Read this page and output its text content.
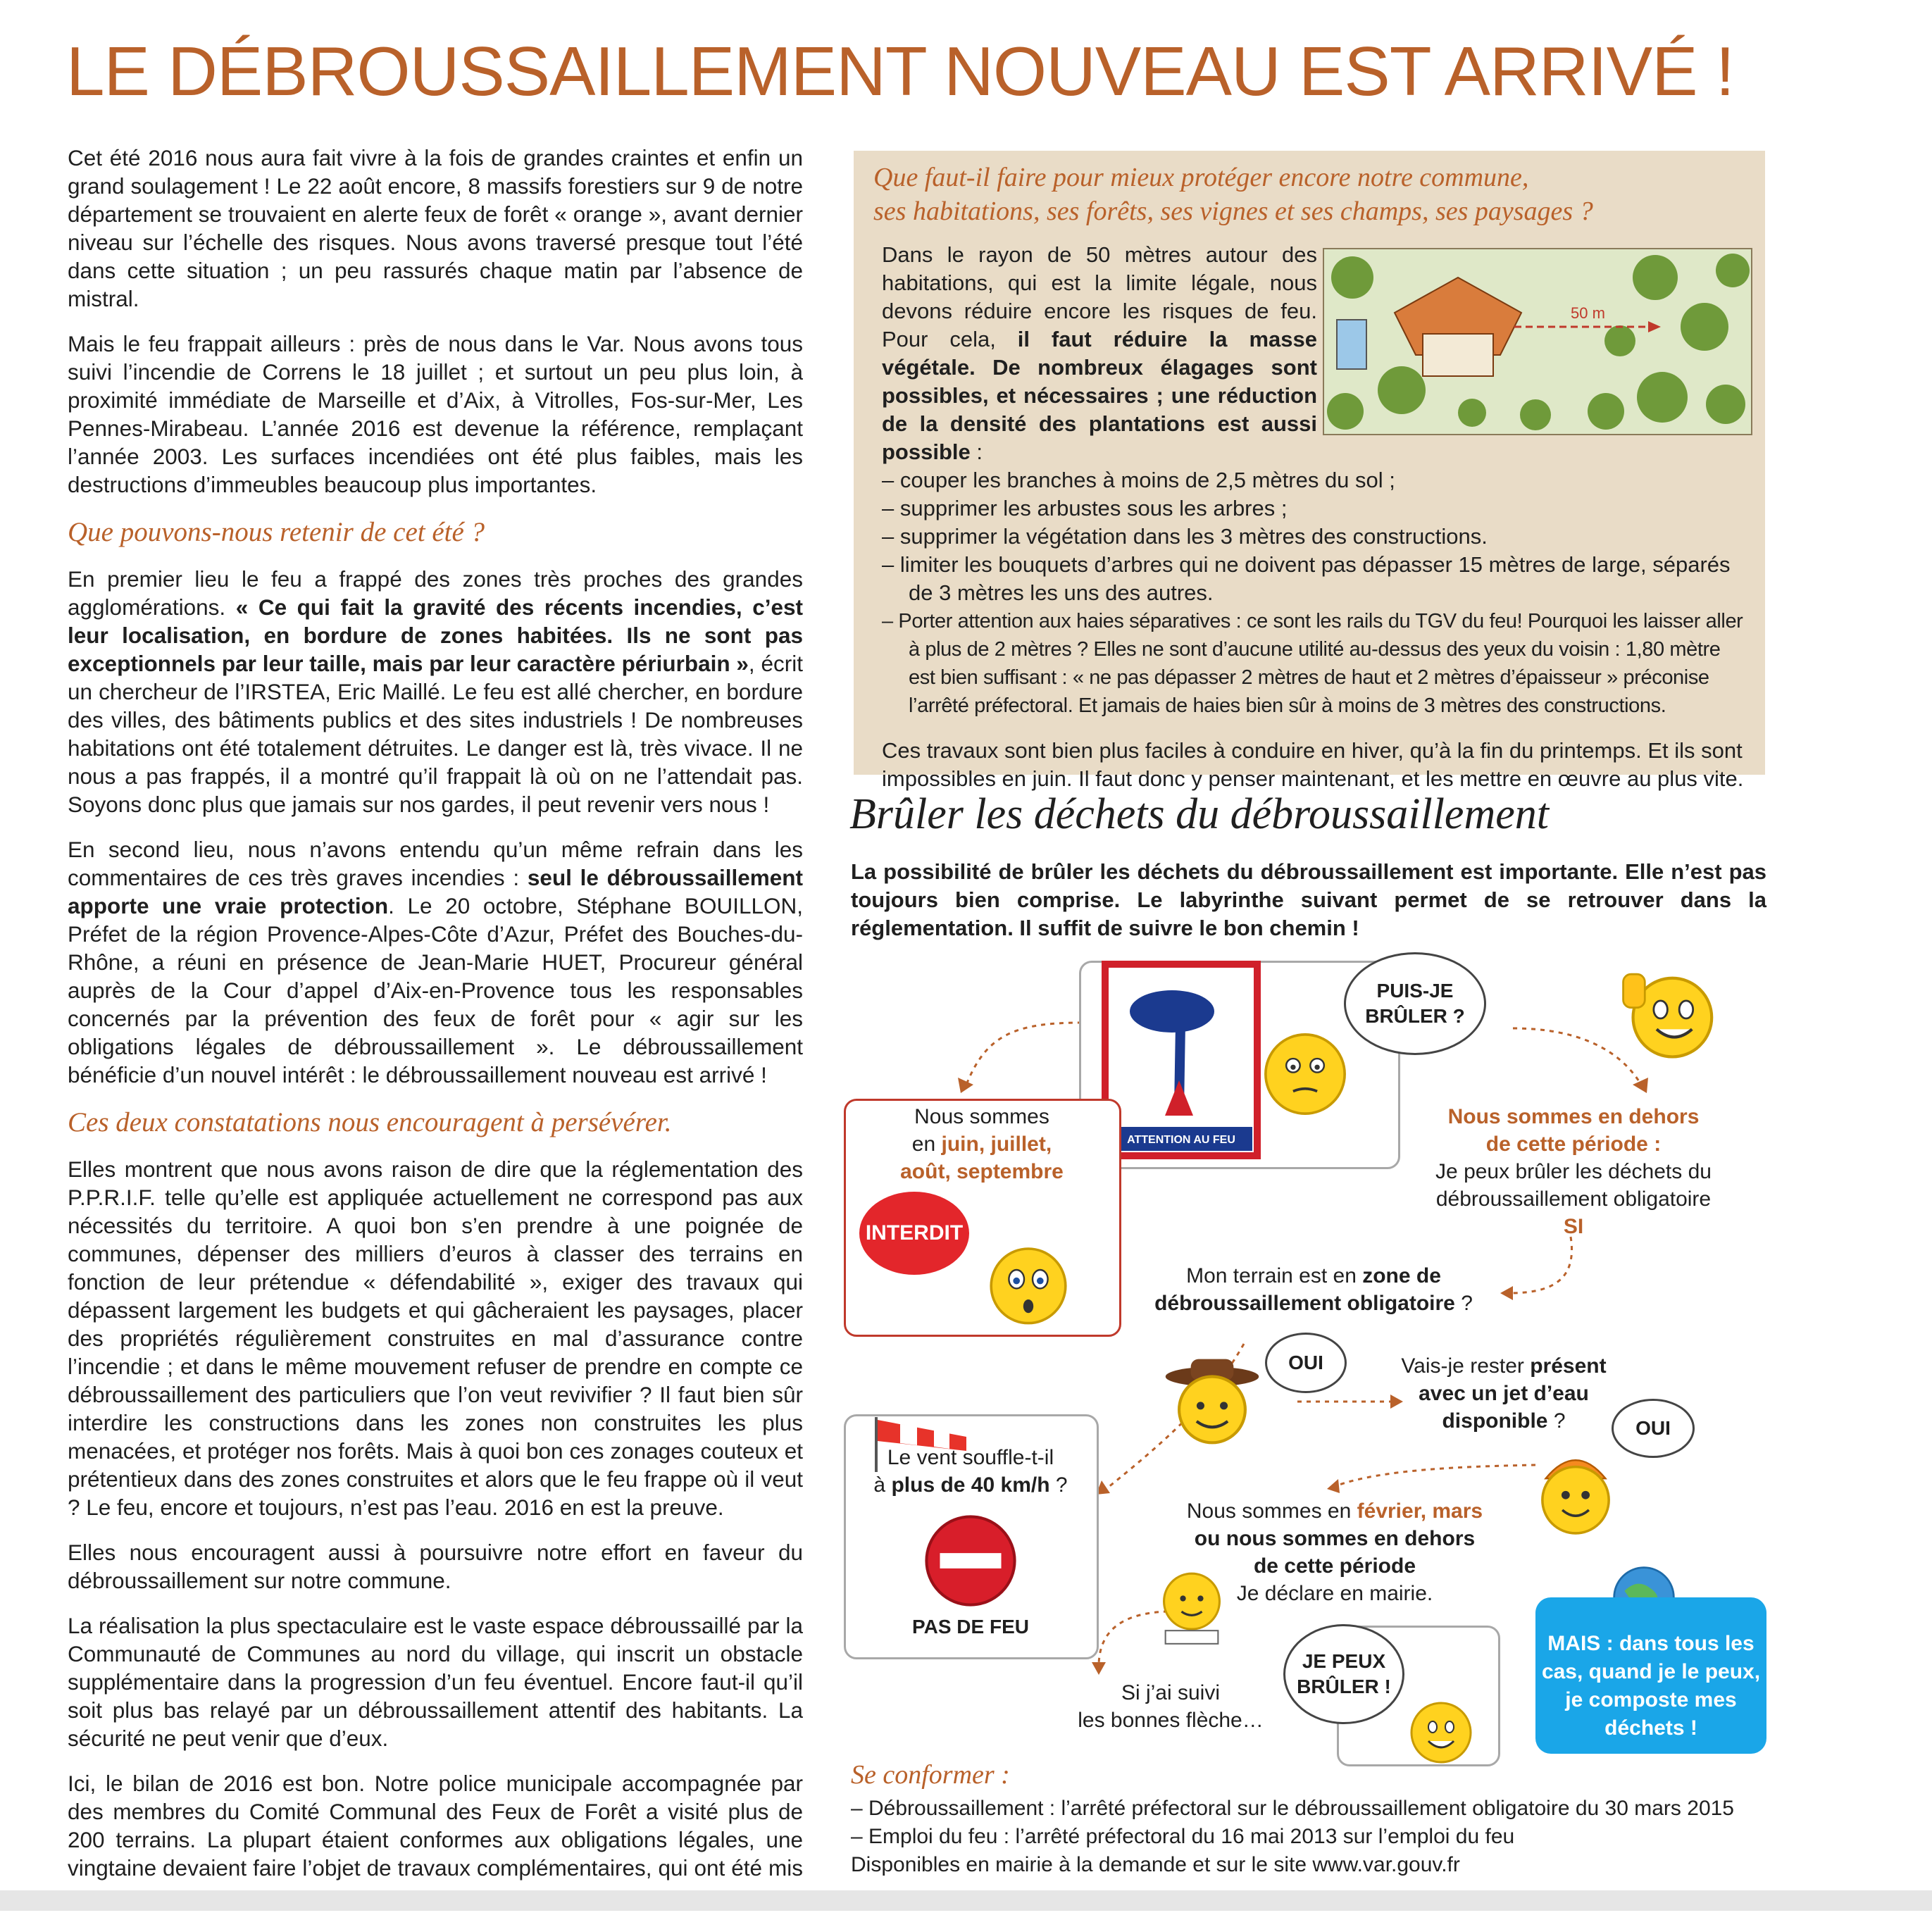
LE DÉBROUSSAILLEMENT NOUVEAU EST ARRIVÉ !

Cet été 2016 nous aura fait vivre à la fois de grandes craintes et enfin un grand soulagement ! Le 22 août encore, 8 massifs forestiers sur 9 de notre département se trouvaient en alerte feux de forêt « orange », avant dernier niveau sur l’échelle des risques. Nous avons traversé presque tout l’été dans cette situation ; un peu rassurés chaque matin par l’absence de mistral.

Mais le feu frappait ailleurs : près de nous dans le Var. Nous avons tous suivi l’incendie de Correns le 18 juillet ; et surtout un peu plus loin, à proximité immédiate de Marseille et d’Aix, à Vitrolles, Fos-sur-Mer, Les Pennes-Mirabeau. L’année 2016 est devenue la référence, remplaçant l’année 2003. Les surfaces incendiées ont été plus faibles, mais les destructions d’immeubles beaucoup plus importantes.

Que pouvons-nous retenir de cet été ?

En premier lieu le feu a frappé des zones très proches des grandes agglomérations. « Ce qui fait la gravité des récents incendies, c’est leur localisation, en bordure de zones habitées. Ils ne sont pas exceptionnels par leur taille, mais par leur caractère périurbain », écrit un chercheur de l’IRSTEA, Eric Maillé. Le feu est allé chercher, en bordure des villes, des bâtiments publics et des sites industriels ! De nombreuses habitations ont été totalement détruites. Le danger est là, très vivace. Il ne nous a pas frappés, il a montré qu’il frappait là où on ne l’attendait pas. Soyons donc plus que jamais sur nos gardes, il peut revenir vers nous !

En second lieu, nous n’avons entendu qu’un même refrain dans les commentaires de ces très graves incendies : seul le débroussaillement apporte une vraie protection. Le 20 octobre, Stéphane BOUILLON, Préfet de la région Provence-Alpes-Côte d’Azur, Préfet des Bouches-du-Rhône, a réuni en présence de Jean-Marie HUET, Procureur général auprès de la Cour d’appel d’Aix-en-Provence tous les responsables concernés par la prévention des feux de forêt pour « agir sur les obligations légales de débroussaillement ». Le débroussaillement bénéficie d’un nouvel intérêt : le débroussaillement nouveau est arrivé !

Ces deux constatations nous encouragent à persévérer.

Elles montrent que nous avons raison de dire que la réglementation des P.P.R.I.F. telle qu’elle est appliquée actuellement ne correspond pas aux nécessités du territoire. A quoi bon s’en prendre à une poignée de communes, dépenser des milliers d’euros à classer des terrains en fonction de leur prétendue « défendabilité », exiger des travaux qui dépassent largement les budgets et qui gâcheraient les paysages, placer des propriétés régulièrement construites en mal d’assurance contre l’incendie ; et dans le même mouvement refuser de prendre en compte ce débroussaillement des particuliers que l’on veut revivifier ? Il faut bien sûr interdire les constructions dans les zones non construites les plus menacées, et protéger nos forêts. Mais à quoi bon ces zonages couteux et prétentieux dans des zones construites et alors que le feu frappe où il veut ? Le feu, encore et toujours, n’est pas l’eau. 2016 en est la preuve.

Elles nous encouragent aussi à poursuivre notre effort en faveur du débroussaillement sur notre commune.

La réalisation la plus spectaculaire est le vaste espace débroussaillé par la Communauté de Communes au nord du village, qui inscrit un obstacle supplémentaire dans la progression d’un feu éventuel. Encore faut-il qu’il soit plus bas relayé par un débroussaillement attentif des habitants. La sécurité ne peut venir que d’eux.

Ici, le bilan de 2016 est bon. Notre police municipale accompagnée par des membres du Comité Communal des Feux de Forêt a visité plus de 200 terrains. La plupart étaient conformes aux obligations légales, une vingtaine devaient faire l’objet de travaux complémentaires, qui ont été mis

Que faut-il faire pour mieux protéger encore notre commune,
ses habitations, ses forêts, ses vignes et ses champs, ses paysages ?

Dans le rayon de 50 mètres autour des habitations, qui est la limite légale, nous devons réduire encore les risques de feu. Pour cela, il faut réduire la masse végétale. De nombreux élagages sont possibles, et nécessaires ; une réduction de la densité des plantations est aussi possible :

50 m
– couper les branches à moins de 2,5 mètres du sol ;
– supprimer les arbustes sous les arbres ;
– supprimer la végétation dans les 3 mètres des constructions.
– limiter les bouquets d’arbres qui ne doivent pas dépasser 15 mètres de large, séparés de 3 mètres les uns des autres.
– Porter attention aux haies séparatives : ce sont les rails du TGV du feu! Pourquoi les laisser aller à plus de 2 mètres ? Elles ne sont d’aucune utilité au-dessus des yeux du voisin : 1,80 mètre est bien suffisant : « ne pas dépasser 2 mètres de haut et 2 mètres d’épaisseur » préconise l’arrêté préfectoral. Et jamais de haies bien sûr à moins de 3 mètres des constructions.

Ces travaux sont bien plus faciles à conduire en hiver, qu’à la fin du printemps. Et ils sont impossibles en juin. Il faut donc y penser maintenant, et les mettre en œuvre au plus vite.

Brûler les déchets du débroussaillement
La possibilité de brûler les déchets du débroussaillement est importante. Elle n’est pas toujours bien comprise. Le labyrinthe suivant permet de se retrouver dans la réglementation. Il suffit de suivre le bon chemin !
ATTENTION AU FEU
PUIS-JE
BRÛLER ?
Nous sommes
en juin, juillet,
août, septembre
INTERDIT
Nous sommes en dehors
de cette période :
Je peux brûler les déchets du
débroussaillement obligatoire
SI
Mon terrain est en zone de
débroussaillement obligatoire ?
OUI	Vais-je rester présent
avec un jet d’eau
disponible ?	OUI
Le vent souffle-t-il
à plus de 40 km/h ?
PAS DE FEU
Nous sommes en février, mars
ou nous sommes en dehors
de cette période
Je déclare en mairie.
Si j’ai suivi
les bonnes flèche…
JE PEUX
BRÛLER !
MAIS : dans tous les cas, quand je le peux, je composte mes déchets !
Se conformer :
– Débroussaillement : l’arrêté préfectoral sur le débroussaillement obligatoire du 30 mars 2015
– Emploi du feu : l’arrêté préfectoral du 16 mai 2013 sur l’emploi du feu
Disponibles en mairie à la demande et sur le site www.var.gouv.fr
